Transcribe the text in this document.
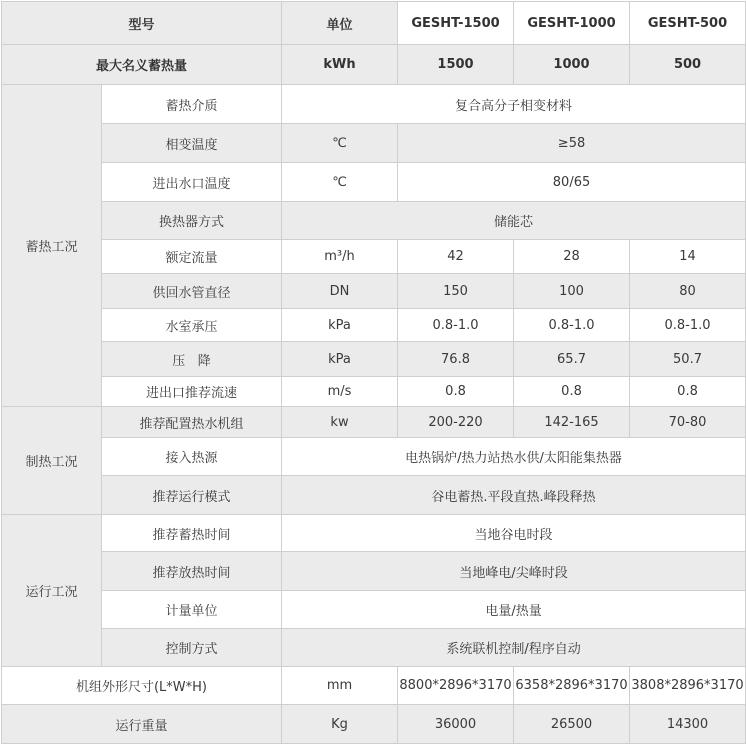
型号		单位	GESHT-1500	GESHT-1000	GESHT-500
最大名义蓄热量		kWh	1500	1000	500
蓄热工况	蓄热介质	复合高分子相变材料			
	相变温度	℃	≥58		
	进出水口温度	℃	80/65		
	换热器方式	储能芯			
	额定流量	m³/h	42	28	14
	供回水管直径	DN	150	100	80
	水室承压	kPa	0.8-1.0	0.8-1.0	0.8-1.0
	压   降	kPa	76.8	65.7	50.7
	进出口推荐流速	m/s	0.8	0.8	0.8
制热工况	推荐配置热水机组	kw	200-220	142-165	70-80
	接入热源	电热锅炉/热力站热水供/太阳能集热器			
	推荐运行模式	谷电蓄热.平段直热.峰段释热			
运行工况	推荐蓄热时间	当地谷电时段			
	推荐放热时间	当地峰电/尖峰时段			
	计量单位	电量/热量			
	控制方式	系统联机控制/程序自动			
机组外形尺寸(L*W*H)		mm	8800*2896*3170	6358*2896*3170	3808*2896*3170
运行重量		Kg	36000	26500	14300
